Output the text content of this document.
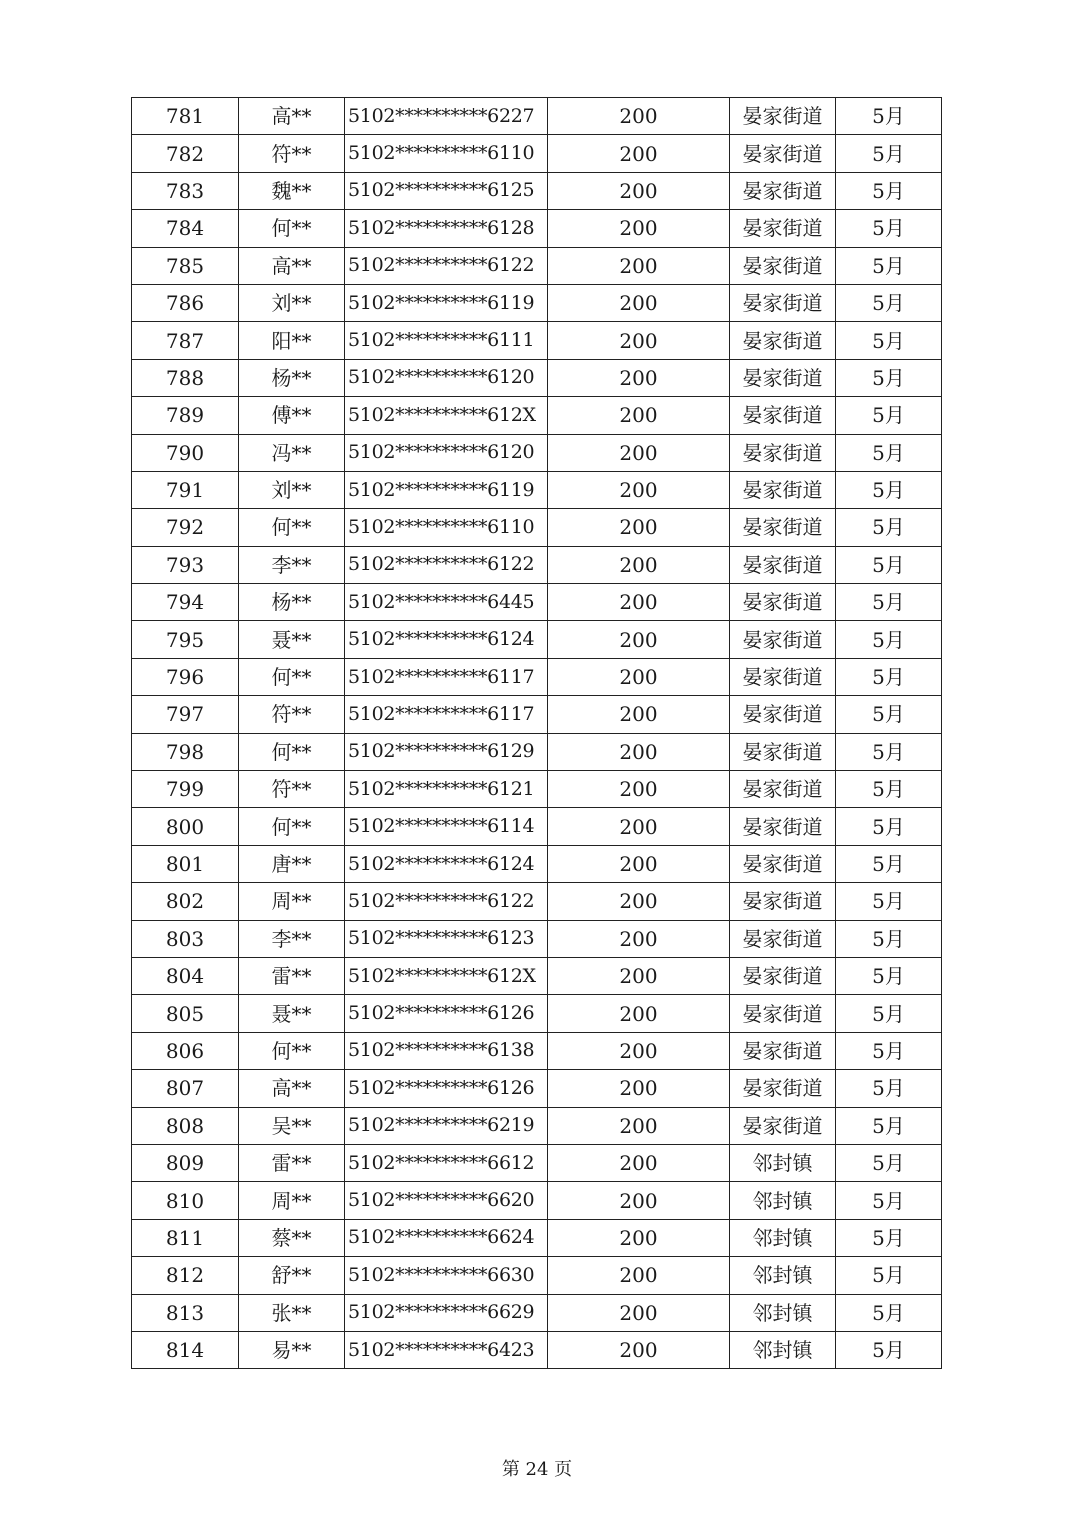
781	高**	5102**********6227	200	晏家街道	5月
782	符**	5102**********6110	200	晏家街道	5月
783	魏**	5102**********6125	200	晏家街道	5月
784	何**	5102**********6128	200	晏家街道	5月
785	高**	5102**********6122	200	晏家街道	5月
786	刘**	5102**********6119	200	晏家街道	5月
787	阳**	5102**********6111	200	晏家街道	5月
788	杨**	5102**********6120	200	晏家街道	5月
789	傅**	5102**********612X	200	晏家街道	5月
790	冯**	5102**********6120	200	晏家街道	5月
791	刘**	5102**********6119	200	晏家街道	5月
792	何**	5102**********6110	200	晏家街道	5月
793	李**	5102**********6122	200	晏家街道	5月
794	杨**	5102**********6445	200	晏家街道	5月
795	聂**	5102**********6124	200	晏家街道	5月
796	何**	5102**********6117	200	晏家街道	5月
797	符**	5102**********6117	200	晏家街道	5月
798	何**	5102**********6129	200	晏家街道	5月
799	符**	5102**********6121	200	晏家街道	5月
800	何**	5102**********6114	200	晏家街道	5月
801	唐**	5102**********6124	200	晏家街道	5月
802	周**	5102**********6122	200	晏家街道	5月
803	李**	5102**********6123	200	晏家街道	5月
804	雷**	5102**********612X	200	晏家街道	5月
805	聂**	5102**********6126	200	晏家街道	5月
806	何**	5102**********6138	200	晏家街道	5月
807	高**	5102**********6126	200	晏家街道	5月
808	吴**	5102**********6219	200	晏家街道	5月
809	雷**	5102**********6612	200	邻封镇	5月
810	周**	5102**********6620	200	邻封镇	5月
811	蔡**	5102**********6624	200	邻封镇	5月
812	舒**	5102**********6630	200	邻封镇	5月
813	张**	5102**********6629	200	邻封镇	5月
814	易**	5102**********6423	200	邻封镇	5月
第 24 页
